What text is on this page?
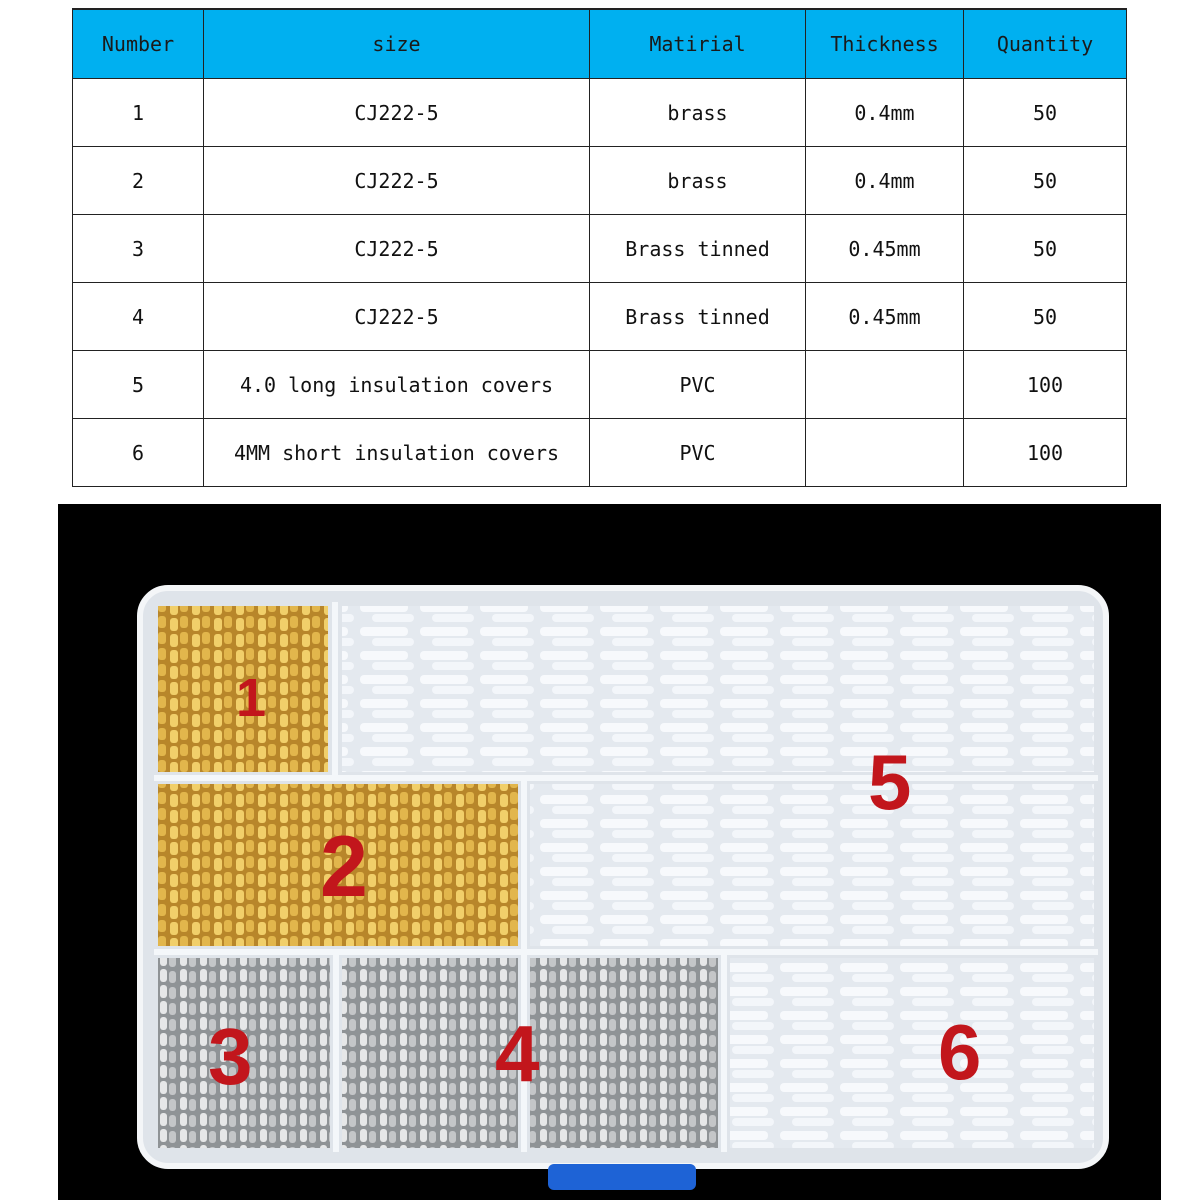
Number	size	Matirial	Thickness	Quantity
1	CJ222-5	brass	0.4mm	50
2	CJ222-5	brass	0.4mm	50
3	CJ222-5	Brass tinned	0.45mm	50
4	CJ222-5	Brass tinned	0.45mm	50
5	4.0 long insulation covers	PVC		100
6	4MM short insulation covers	PVC		100
1
2
3	4
5
6
